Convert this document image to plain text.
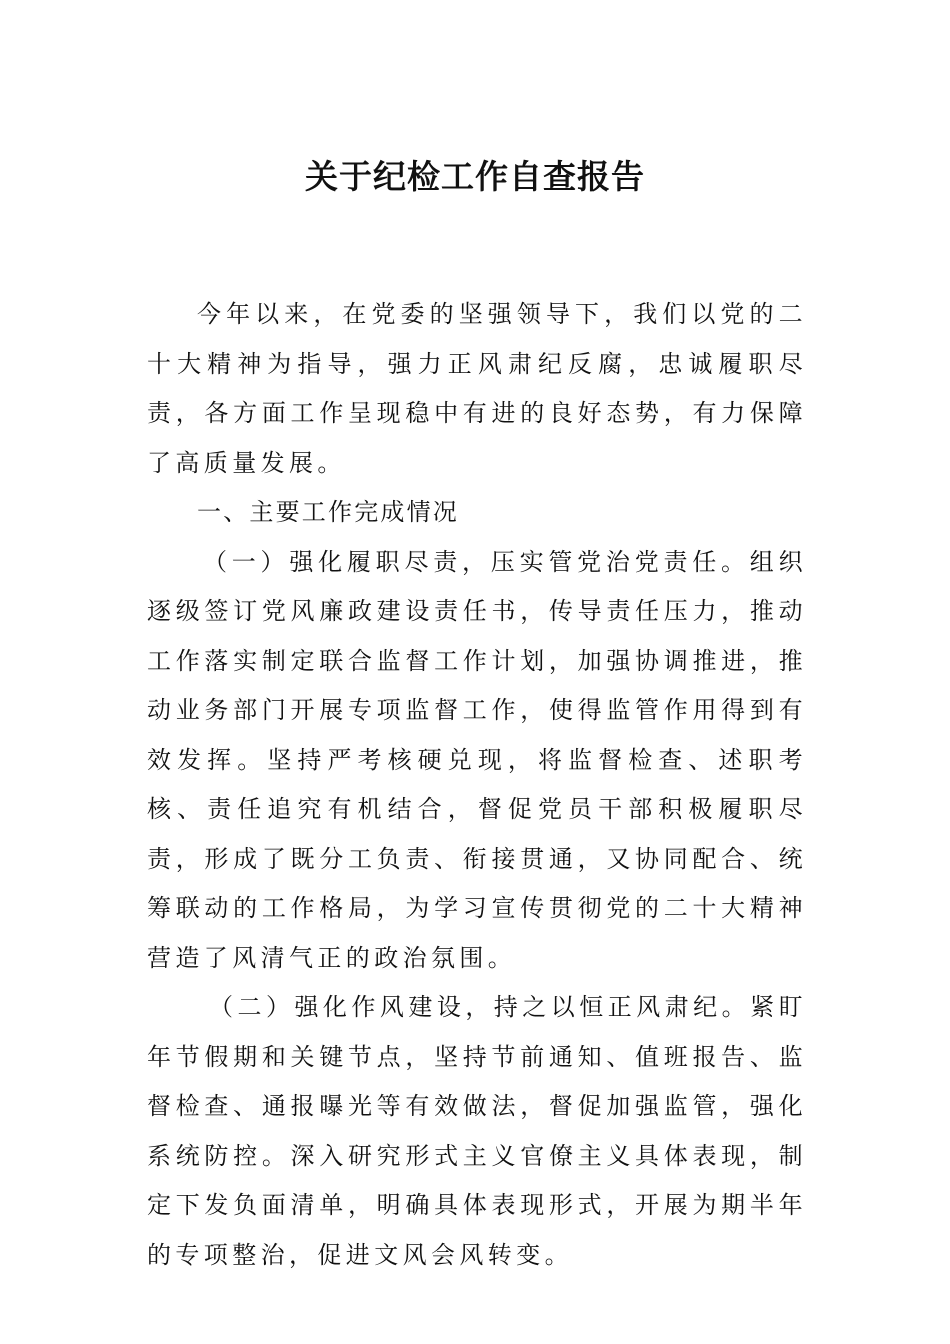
关于纪检工作自查报告

今年以来，在党委的坚强领导下，我们以党的二十大精神为指导，强力正风肃纪反腐，忠诚履职尽责，各方面工作呈现稳中有进的良好态势，有力保障了高质量发展。

一、主要工作完成情况

（一）强化履职尽责，压实管党治党责任。组织逐级签订党风廉政建设责任书，传导责任压力，推动工作落实制定联合监督工作计划，加强协调推进，推动业务部门开展专项监督工作，使得监管作用得到有效发挥。坚持严考核硬兑现，将监督检查、述职考核、责任追究有机结合，督促党员干部积极履职尽责，形成了既分工负责、衔接贯通，又协同配合、统筹联动的工作格局，为学习宣传贯彻党的二十大精神营造了风清气正的政治氛围。

（二）强化作风建设，持之以恒正风肃纪。紧盯年节假期和关键节点，坚持节前通知、值班报告、监督检查、通报曝光等有效做法，督促加强监管，强化系统防控。深入研究形式主义官僚主义具体表现，制定下发负面清单，明确具体表现形式，开展为期半年的专项整治，促进文风会风转变。
